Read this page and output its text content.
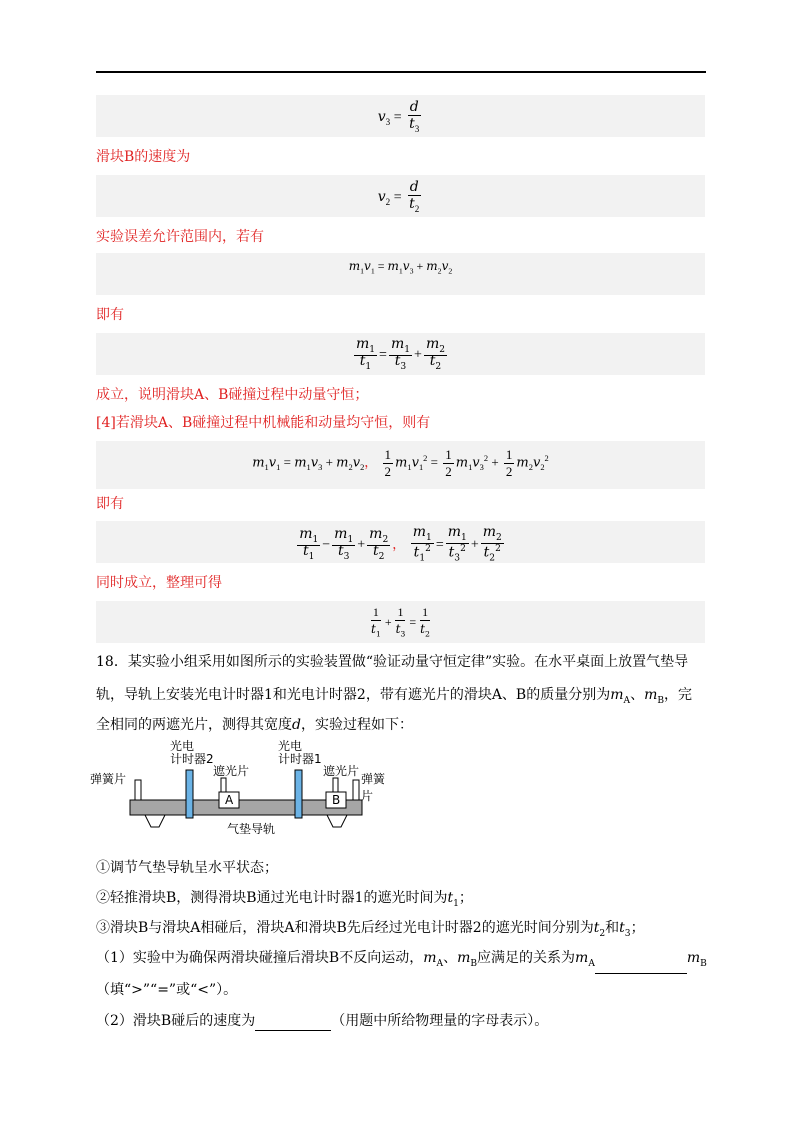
$v_3 = \frac{d}{t_3}$
滑块B的速度为
$v_2 = \frac{d}{t_2}$
实验误差允许范围内，若有
$m_1v_1 = m_1v_3 + m_2v_2$
即有
$\frac{m_1}{t_1} = \frac{m_1}{t_3} + \frac{m_2}{t_2}$
成立，说明滑块A、B碰撞过程中动量守恒；
[4]若滑块A、B碰撞过程中机械能和动量均守恒，则有
$m_1v_1 = m_1v_3 + m_2v_2$， $\frac{1}{2} m_1v_1^2 = \frac{1}{2} m_1v_3^2 + \frac{1}{2} m_2v_2^2$
即有
$\frac{m_1}{t_1} - \frac{m_1}{t_3} + \frac{m_2}{t_2}$ ， $\frac{m_1}{t_1^2} = \frac{m_1}{t_3^2} + \frac{m_2}{t_2^2}$
同时成立，整理可得
$\frac{1}{t_1} + \frac{1}{t_3} = \frac{1}{t_2}$
18．某实验小组采用如图所示的实验装置做“验证动量守恒定律”实验。在水平桌面上放置气垫导
轨，导轨上安装光电计时器1和光电计时器2，带有遮光片的滑块A、B的质量分别为$m_A$、$m_B$，完
全相同的两遮光片，测得其宽度d，实验过程如下：
光电
计时器2
光电
计时器1
遮光片	遮光片
弹簧片	弹簧片
A	B
气垫导轨
①调节气垫导轨呈水平状态；
②轻推滑块B，测得滑块B通过光电计时器1的遮光时间为$t_1$；
③滑块B与滑块A相碰后，滑块A和滑块B先后经过光电计时器2的遮光时间分别为$t_2$和$t_3$；
（1）实验中为确保两滑块碰撞后滑块B不反向运动，$m_A$、$m_B$应满足的关系为$m_A$	$m_B$
（填“>”“=”或“<”）。
（2）滑块B碰后的速度为	（用题中所给物理量的字母表示）。
